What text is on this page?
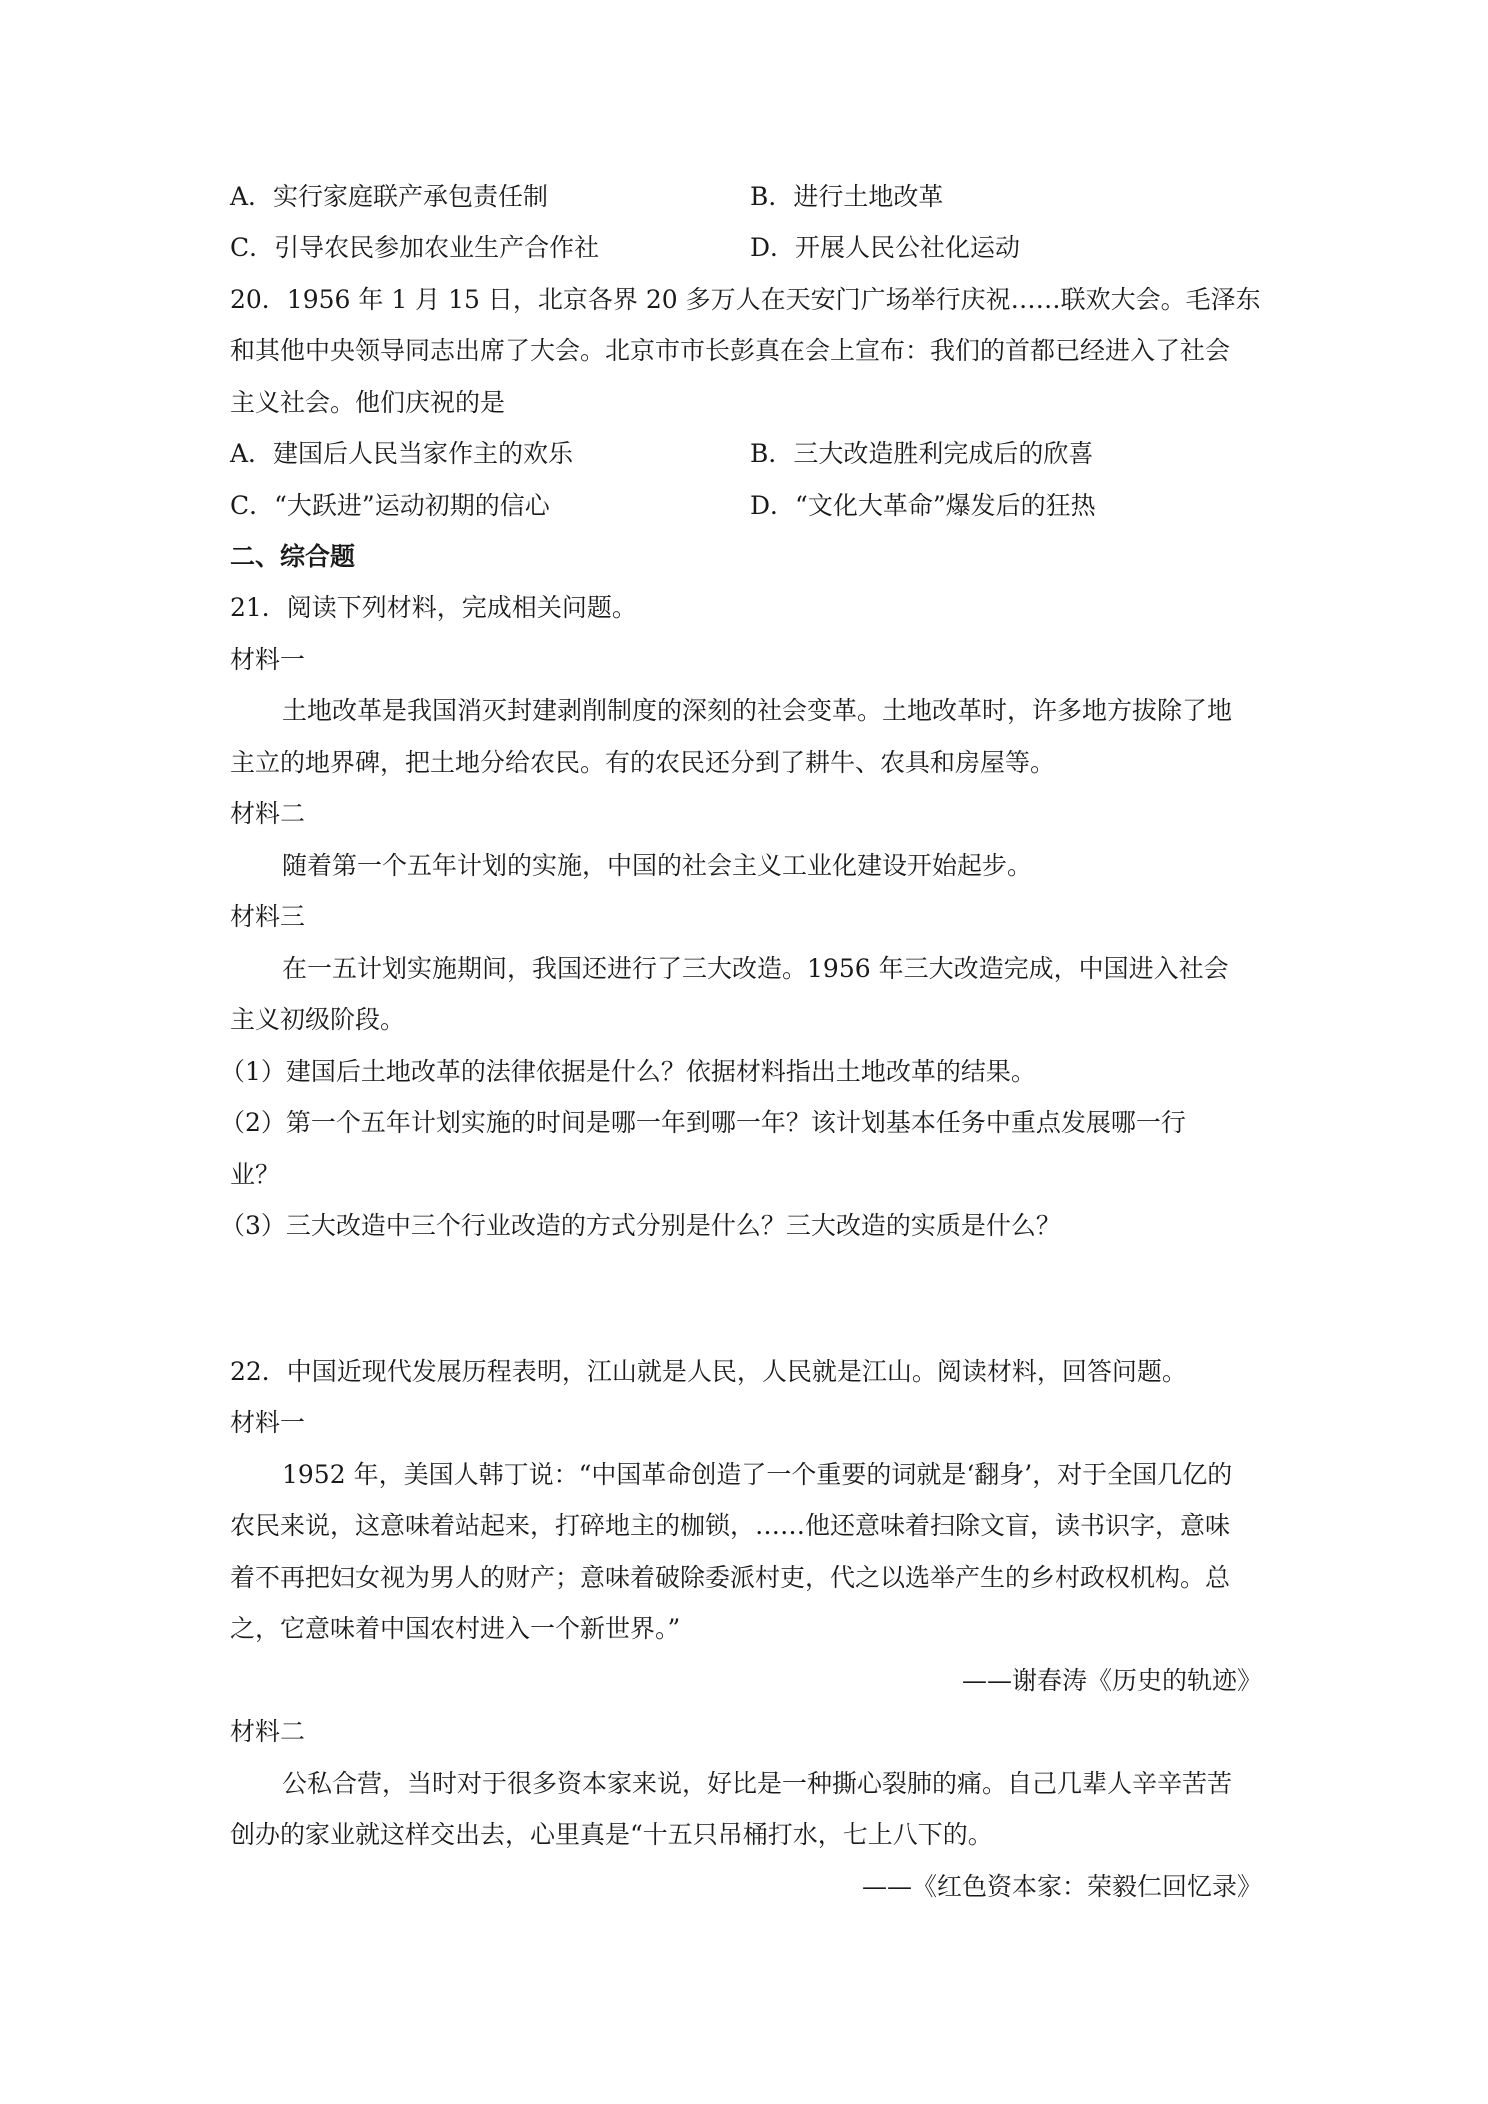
A．实行家庭联产承包责任制	B．进行土地改革
C．引导农民参加农业生产合作社	D．开展人民公社化运动
20．1956 年 1 月 15 日，北京各界 20 多万人在天安门广场举行庆祝……联欢大会。毛泽东
和其他中央领导同志出席了大会。北京市市长彭真在会上宣布：我们的首都已经进入了社会
主义社会。他们庆祝的是
A．建国后人民当家作主的欢乐	B．三大改造胜利完成后的欣喜
C．“大跃进”运动初期的信心	D．“文化大革命”爆发后的狂热
二、综合题
21．阅读下列材料，完成相关问题。
材料一
土地改革是我国消灭封建剥削制度的深刻的社会变革。土地改革时，许多地方拔除了地
主立的地界碑，把土地分给农民。有的农民还分到了耕牛、农具和房屋等。
材料二
随着第一个五年计划的实施，中国的社会主义工业化建设开始起步。
材料三
在一五计划实施期间，我国还进行了三大改造。1956 年三大改造完成，中国进入社会
主义初级阶段。
（1）建国后土地改革的法律依据是什么？依据材料指出土地改革的结果。
（2）第一个五年计划实施的时间是哪一年到哪一年？该计划基本任务中重点发展哪一行
业？
（3）三大改造中三个行业改造的方式分别是什么？三大改造的实质是什么？
22．中国近现代发展历程表明，江山就是人民，人民就是江山。阅读材料，回答问题。
材料一
1952 年，美国人韩丁说：“中国革命创造了一个重要的词就是‘翻身’，对于全国几亿的
农民来说，这意味着站起来，打碎地主的枷锁，……他还意味着扫除文盲，读书识字，意味
着不再把妇女视为男人的财产；意味着破除委派村吏，代之以选举产生的乡村政权机构。总
之，它意味着中国农村进入一个新世界。”
——谢春涛《历史的轨迹》
材料二
公私合营，当时对于很多资本家来说，好比是一种撕心裂肺的痛。自己几辈人辛辛苦苦
创办的家业就这样交出去，心里真是“十五只吊桶打水，七上八下的。
——《红色资本家：荣毅仁回忆录》
